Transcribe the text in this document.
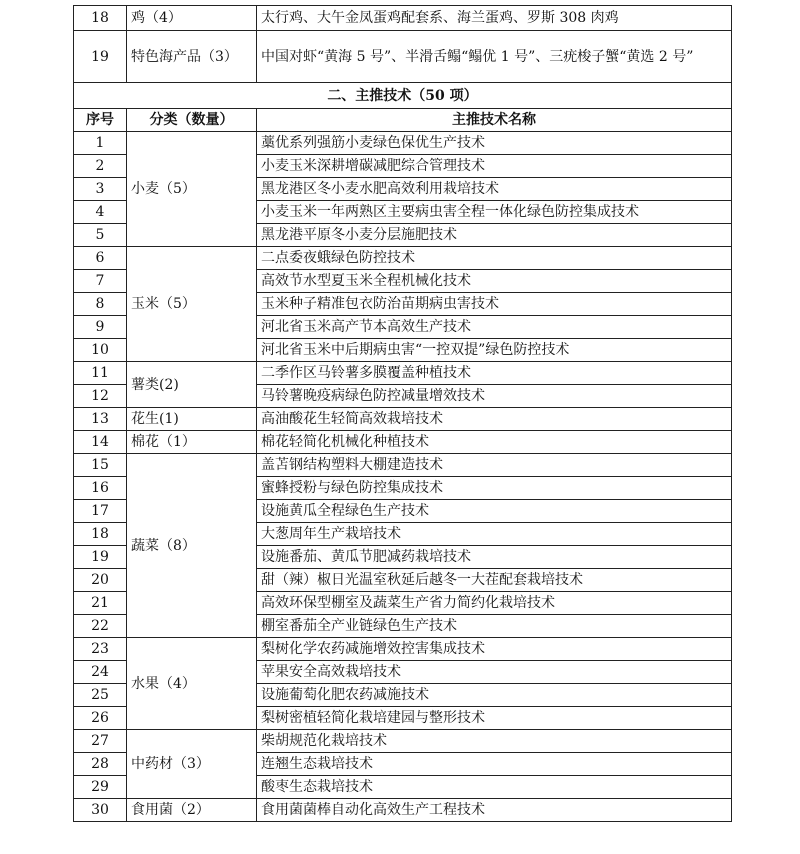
18	鸡（4）	太行鸡、大午金凤蛋鸡配套系、海兰蛋鸡、罗斯 308 肉鸡
19	特色海产品（3）	中国对虾“黄海 5 号”、半滑舌鳎“鳎优 1 号”、三疣梭子蟹“黄选 2 号”
二、主推技术（50 项）		
序号	分类（数量）	主推技术名称
1	小麦（5）	藁优系列强筋小麦绿色保优生产技术
2		小麦玉米深耕增碳减肥综合管理技术
3		黑龙港区冬小麦水肥高效利用栽培技术
4		小麦玉米一年两熟区主要病虫害全程一体化绿色防控集成技术
5		黑龙港平原冬小麦分层施肥技术
6	玉米（5）	二点委夜蛾绿色防控技术
7		高效节水型夏玉米全程机械化技术
8		玉米种子精准包衣防治苗期病虫害技术
9		河北省玉米高产节本高效生产技术
10		河北省玉米中后期病虫害“一控双提”绿色防控技术
11	薯类(2)	二季作区马铃薯多膜覆盖种植技术
12		马铃薯晚疫病绿色防控减量增效技术
13	花生(1)	高油酸花生轻简高效栽培技术
14	棉花（1）	棉花轻简化机械化种植技术
15	蔬菜（8）	盖苫钢结构塑料大棚建造技术
16		蜜蜂授粉与绿色防控集成技术
17		设施黄瓜全程绿色生产技术
18		大葱周年生产栽培技术
19		设施番茄、黄瓜节肥减药栽培技术
20		甜（辣）椒日光温室秋延后越冬一大茬配套栽培技术
21		高效环保型棚室及蔬菜生产省力简约化栽培技术
22		棚室番茄全产业链绿色生产技术
23	水果（4）	梨树化学农药减施增效控害集成技术
24		苹果安全高效栽培技术
25		设施葡萄化肥农药减施技术
26		梨树密植轻简化栽培建园与整形技术
27	中药材（3）	柴胡规范化栽培技术
28		连翘生态栽培技术
29		酸枣生态栽培技术
30	食用菌（2）	食用菌菌棒自动化高效生产工程技术
